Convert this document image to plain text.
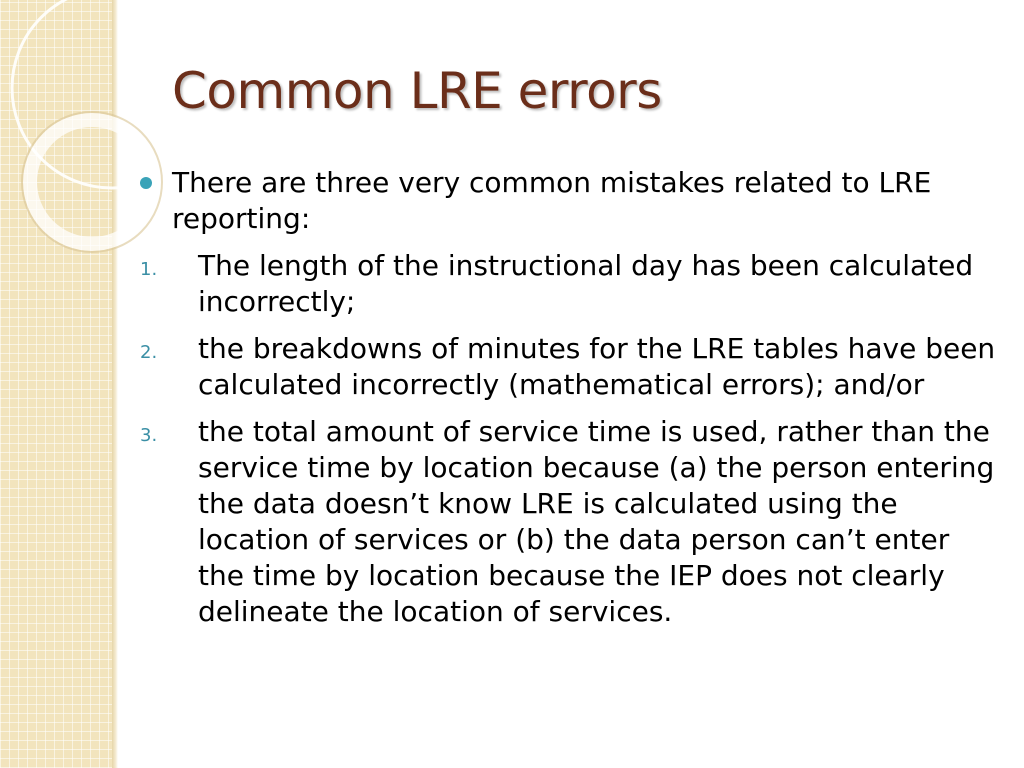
Common LRE errors
There are three very common mistakes related to LRE reporting:
1. The length of the instructional day has been calculated incorrectly;
2. the breakdowns of minutes for the LRE tables have been calculated incorrectly (mathematical errors); and/or
3. the total amount of service time is used, rather than the service time by location because (a) the person entering the data doesn’t know LRE is calculated using the location of services or (b) the data person can’t enter the time by location because the IEP does not clearly delineate the location of services.
